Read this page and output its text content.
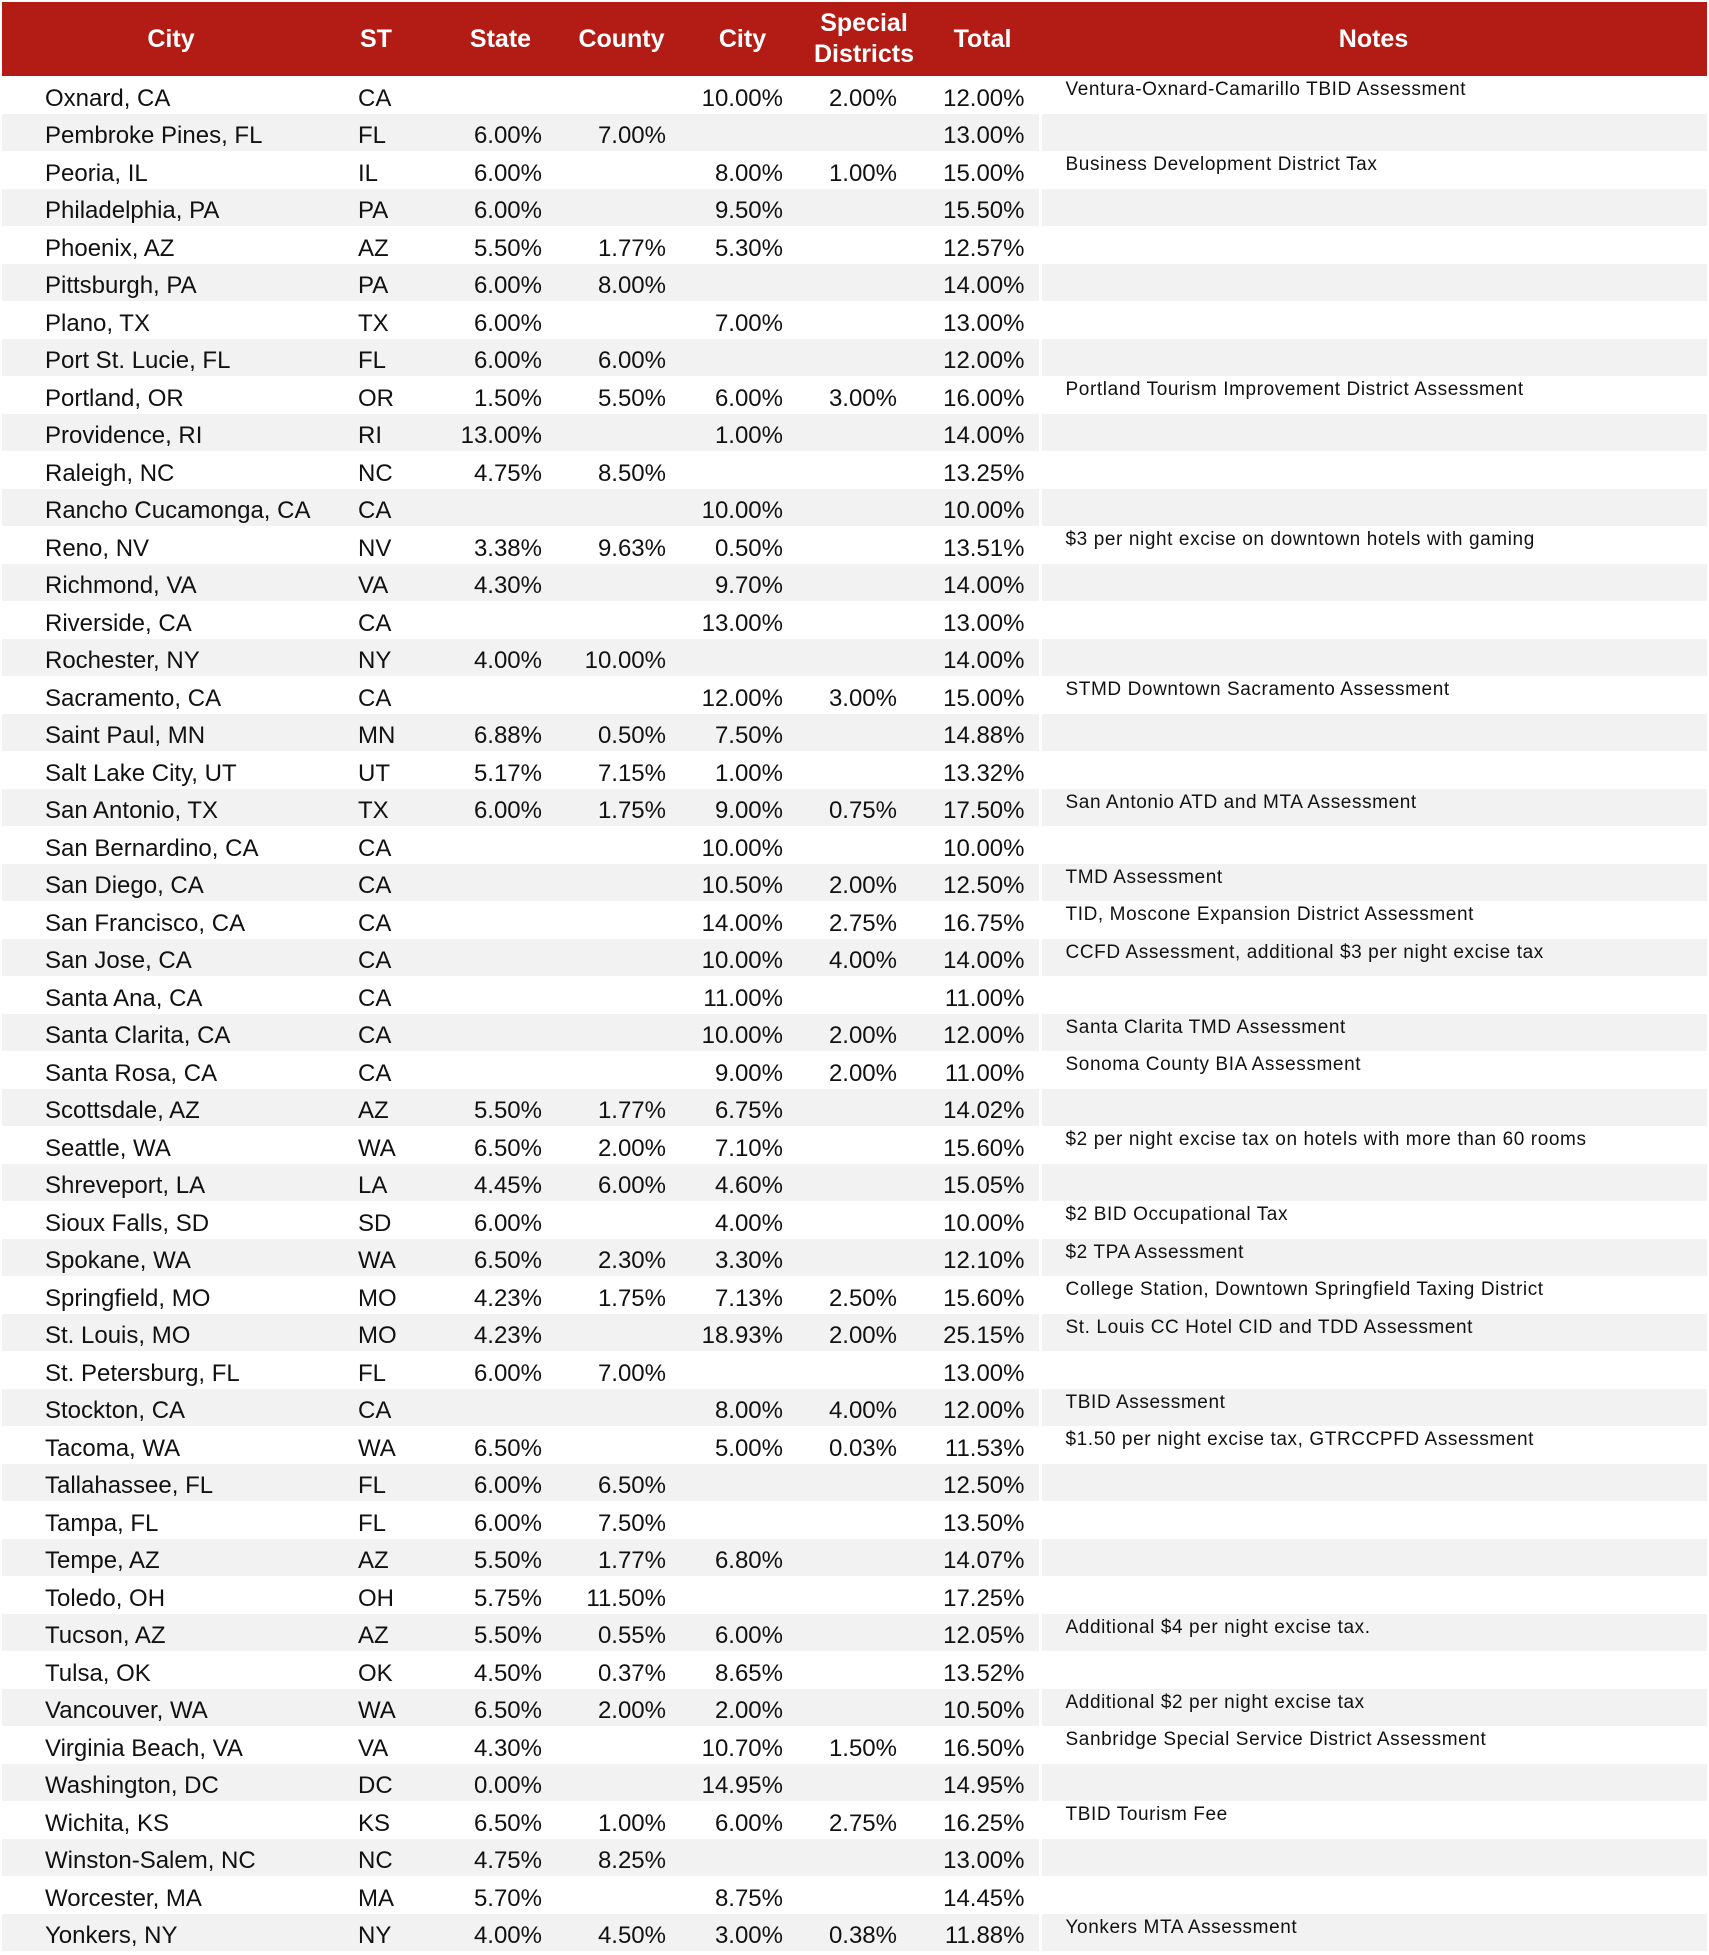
City	ST	State	County	City	Special Districts	Total	Notes
Oxnard, CA	CA			10.00%	2.00%	12.00%	Ventura-Oxnard-Camarillo TBID Assessment
Pembroke Pines, FL	FL	6.00%	7.00%			13.00%	
Peoria, IL	IL	6.00%		8.00%	1.00%	15.00%	Business Development District Tax
Philadelphia, PA	PA	6.00%		9.50%		15.50%	
Phoenix, AZ	AZ	5.50%	1.77%	5.30%		12.57%	
Pittsburgh, PA	PA	6.00%	8.00%			14.00%	
Plano, TX	TX	6.00%		7.00%		13.00%	
Port St. Lucie, FL	FL	6.00%	6.00%			12.00%	
Portland, OR	OR	1.50%	5.50%	6.00%	3.00%	16.00%	Portland Tourism Improvement District Assessment
Providence, RI	RI	13.00%		1.00%		14.00%	
Raleigh, NC	NC	4.75%	8.50%			13.25%	
Rancho Cucamonga, CA	CA			10.00%		10.00%	
Reno, NV	NV	3.38%	9.63%	0.50%		13.51%	$3 per night excise on downtown hotels with gaming
Richmond, VA	VA	4.30%		9.70%		14.00%	
Riverside, CA	CA			13.00%		13.00%	
Rochester, NY	NY	4.00%	10.00%			14.00%	
Sacramento, CA	CA			12.00%	3.00%	15.00%	STMD Downtown Sacramento Assessment
Saint Paul, MN	MN	6.88%	0.50%	7.50%		14.88%	
Salt Lake City, UT	UT	5.17%	7.15%	1.00%		13.32%	
San Antonio, TX	TX	6.00%	1.75%	9.00%	0.75%	17.50%	San Antonio ATD and MTA Assessment
San Bernardino, CA	CA			10.00%		10.00%	
San Diego, CA	CA			10.50%	2.00%	12.50%	TMD Assessment
San Francisco, CA	CA			14.00%	2.75%	16.75%	TID, Moscone Expansion District Assessment
San Jose, CA	CA			10.00%	4.00%	14.00%	CCFD Assessment, additional $3 per night excise tax
Santa Ana, CA	CA			11.00%		11.00%	
Santa Clarita, CA	CA			10.00%	2.00%	12.00%	Santa Clarita TMD Assessment
Santa Rosa, CA	CA			9.00%	2.00%	11.00%	Sonoma County BIA Assessment
Scottsdale, AZ	AZ	5.50%	1.77%	6.75%		14.02%	
Seattle, WA	WA	6.50%	2.00%	7.10%		15.60%	$2 per night excise tax on hotels with more than 60 rooms
Shreveport, LA	LA	4.45%	6.00%	4.60%		15.05%	
Sioux Falls, SD	SD	6.00%		4.00%		10.00%	$2 BID Occupational Tax
Spokane, WA	WA	6.50%	2.30%	3.30%		12.10%	$2 TPA Assessment
Springfield, MO	MO	4.23%	1.75%	7.13%	2.50%	15.60%	College Station, Downtown Springfield Taxing District
St. Louis, MO	MO	4.23%		18.93%	2.00%	25.15%	St. Louis CC Hotel CID and TDD Assessment
St. Petersburg, FL	FL	6.00%	7.00%			13.00%	
Stockton, CA	CA			8.00%	4.00%	12.00%	TBID Assessment
Tacoma, WA	WA	6.50%		5.00%	0.03%	11.53%	$1.50 per night excise tax, GTRCCPFD Assessment
Tallahassee, FL	FL	6.00%	6.50%			12.50%	
Tampa, FL	FL	6.00%	7.50%			13.50%	
Tempe, AZ	AZ	5.50%	1.77%	6.80%		14.07%	
Toledo, OH	OH	5.75%	11.50%			17.25%	
Tucson, AZ	AZ	5.50%	0.55%	6.00%		12.05%	Additional $4 per night excise tax.
Tulsa, OK	OK	4.50%	0.37%	8.65%		13.52%	
Vancouver, WA	WA	6.50%	2.00%	2.00%		10.50%	Additional $2 per night excise tax
Virginia Beach, VA	VA	4.30%		10.70%	1.50%	16.50%	Sanbridge Special Service District Assessment
Washington, DC	DC	0.00%		14.95%		14.95%	
Wichita, KS	KS	6.50%	1.00%	6.00%	2.75%	16.25%	TBID Tourism Fee
Winston-Salem, NC	NC	4.75%	8.25%			13.00%	
Worcester, MA	MA	5.70%		8.75%		14.45%	
Yonkers, NY	NY	4.00%	4.50%	3.00%	0.38%	11.88%	Yonkers MTA Assessment
